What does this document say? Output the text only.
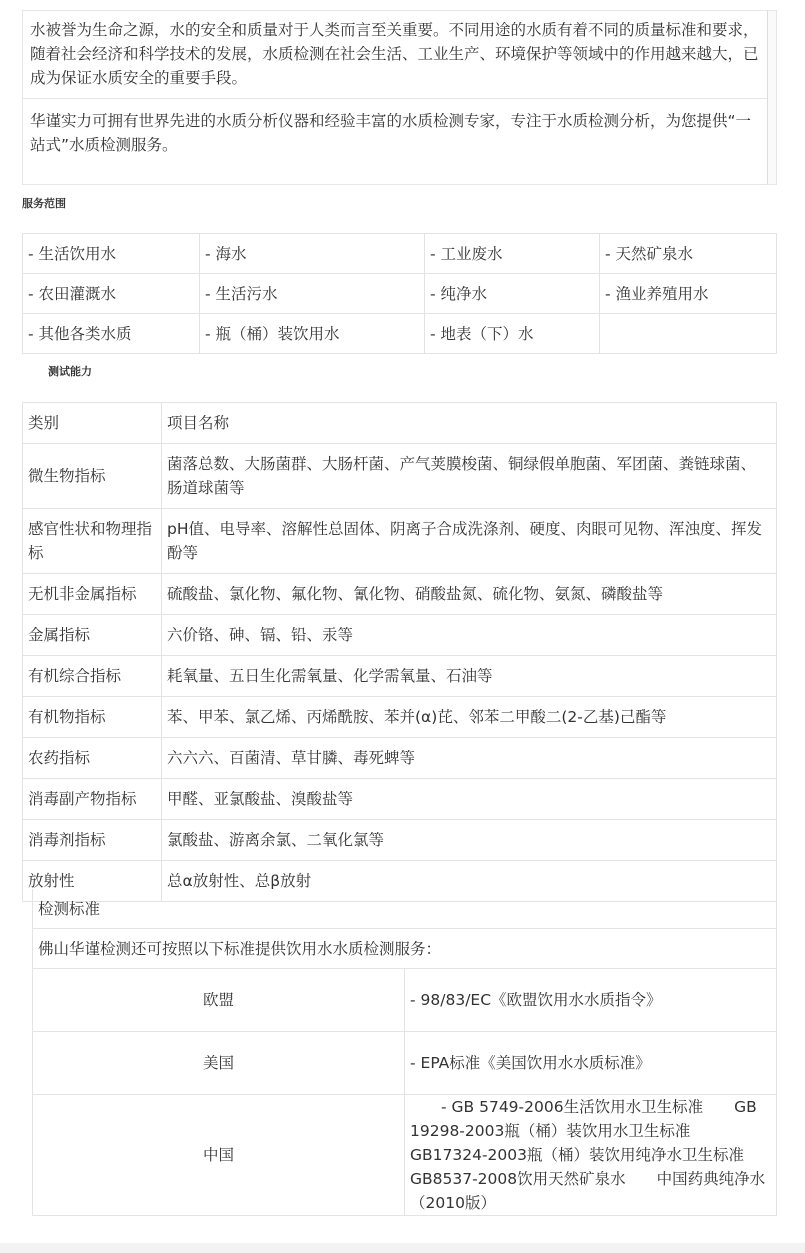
水被誉为生命之源，水的安全和质量对于人类而言至关重要。不同用途的水质有着不同的质量标准和要求，随着社会经济和科学技术的发展，水质检测在社会生活、工业生产、环境保护等领域中的作用越来越大，已成为保证水质安全的重要手段。

华谨实力可拥有世界先进的水质分析仪器和经验丰富的水质检测专家，专注于水质检测分析，为您提供“一站式”水质检测服务。

服务范围
- 生活饮用水	- 海水	- 工业废水	- 天然矿泉水
- 农田灌溉水	- 生活污水	- 纯净水	- 渔业养殖用水
- 其他各类水质	- 瓶（桶）装饮用水	- 地表（下）水	
测试能力
类别	项目名称
微生物指标	菌落总数、大肠菌群、大肠杆菌、产气荚膜梭菌、铜绿假单胞菌、军团菌、粪链球菌、肠道球菌等
感官性状和物理指标	pH值、电导率、溶解性总固体、阴离子合成洗涤剂、硬度、肉眼可见物、浑浊度、挥发酚等
无机非金属指标	硫酸盐、氯化物、氟化物、氰化物、硝酸盐氮、硫化物、氨氮、磷酸盐等
金属指标	六价铬、砷、镉、铅、汞等
有机综合指标	耗氧量、五日生化需氧量、化学需氧量、石油等
有机物指标	苯、甲苯、氯乙烯、丙烯酰胺、苯并(α)芘、邻苯二甲酸二(2-乙基)己酯等
农药指标	六六六、百菌清、草甘膦、毒死蜱等
消毒副产物指标	甲醛、亚氯酸盐、溴酸盐等
消毒剂指标	氯酸盐、游离余氯、二氧化氯等
放射性	总α放射性、总β放射
检测标准	
佛山华谨检测还可按照以下标准提供饮用水水质检测服务：	
欧盟	- 98/83/EC《欧盟饮用水水质指令》
美国	- EPA标准《美国饮用水水质标准》
中国	　　- GB 5749-2006生活饮用水卫生标准　　GB 19298-2003瓶（桶）装饮用水卫生标准　GB17324-2003瓶（桶）装饮用纯净水卫生标准　　GB8537-2008饮用天然矿泉水　　中国药典纯净水（2010版）
